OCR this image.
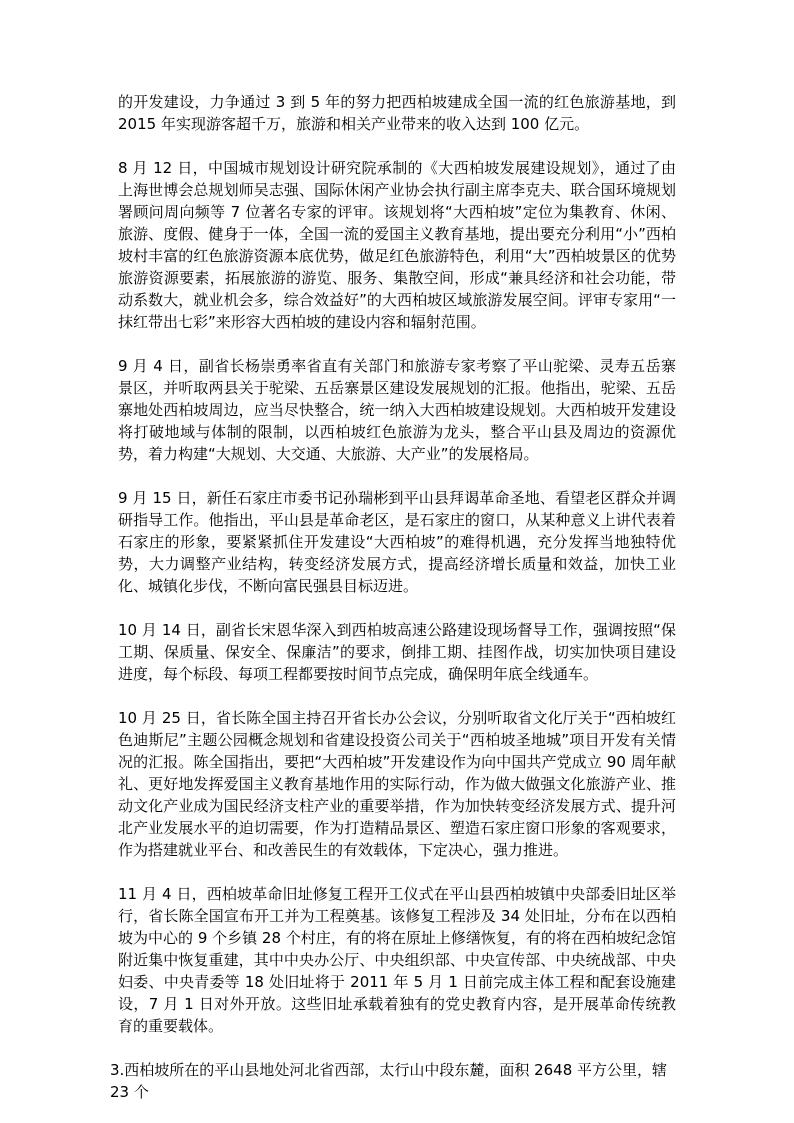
的开发建设，力争通过 3 到 5 年的努力把西柏坡建成全国一流的红色旅游基地，到 2015 年实现游客超千万，旅游和相关产业带来的收入达到 100 亿元。

8 月 12 日，中国城市规划设计研究院承制的《大西柏坡发展建设规划》，通过了由上海世博会总规划师吴志强、国际休闲产业协会执行副主席李克夫、联合国环境规划署顾问周向频等 7 位著名专家的评审。该规划将“大西柏坡”定位为集教育、休闲、旅游、度假、健身于一体，全国一流的爱国主义教育基地，提出要充分利用“小”西柏坡村丰富的红色旅游资源本底优势，做足红色旅游特色，利用“大”西柏坡景区的优势旅游资源要素，拓展旅游的游览、服务、集散空间，形成“兼具经济和社会功能，带动系数大，就业机会多，综合效益好”的大西柏坡区域旅游发展空间。评审专家用“一抹红带出七彩”来形容大西柏坡的建设内容和辐射范围。

9 月 4 日，副省长杨崇勇率省直有关部门和旅游专家考察了平山驼梁、灵寿五岳寨景区，并听取两县关于驼梁、五岳寨景区建设发展规划的汇报。他指出，驼梁、五岳寨地处西柏坡周边，应当尽快整合，统一纳入大西柏坡建设规划。大西柏坡开发建设将打破地域与体制的限制，以西柏坡红色旅游为龙头，整合平山县及周边的资源优势，着力构建“大规划、大交通、大旅游、大产业”的发展格局。

9 月 15 日，新任石家庄市委书记孙瑞彬到平山县拜谒革命圣地、看望老区群众并调研指导工作。他指出，平山县是革命老区，是石家庄的窗口，从某种意义上讲代表着石家庄的形象，要紧紧抓住开发建设“大西柏坡”的难得机遇，充分发挥当地独特优势，大力调整产业结构，转变经济发展方式，提高经济增长质量和效益，加快工业化、城镇化步伐，不断向富民强县目标迈进。

10 月 14 日，副省长宋恩华深入到西柏坡高速公路建设现场督导工作，强调按照“保工期、保质量、保安全、保廉洁”的要求，倒排工期、挂图作战，切实加快项目建设进度，每个标段、每项工程都要按时间节点完成，确保明年底全线通车。

10 月 25 日，省长陈全国主持召开省长办公会议，分别听取省文化厅关于“西柏坡红色迪斯尼”主题公园概念规划和省建设投资公司关于“西柏坡圣地城”项目开发有关情况的汇报。陈全国指出，要把“大西柏坡”开发建设作为向中国共产党成立 90 周年献礼、更好地发挥爱国主义教育基地作用的实际行动，作为做大做强文化旅游产业、推动文化产业成为国民经济支柱产业的重要举措，作为加快转变经济发展方式、提升河北产业发展水平的迫切需要，作为打造精品景区、塑造石家庄窗口形象的客观要求，作为搭建就业平台、和改善民生的有效载体，下定决心，强力推进。

11 月 4 日，西柏坡革命旧址修复工程开工仪式在平山县西柏坡镇中央部委旧址区举行，省长陈全国宣布开工并为工程奠基。该修复工程涉及 34 处旧址，分布在以西柏坡为中心的 9 个乡镇 28 个村庄，有的将在原址上修缮恢复，有的将在西柏坡纪念馆附近集中恢复重建，其中中央办公厅、中央组织部、中央宣传部、中央统战部、中央妇委、中央青委等 18 处旧址将于 2011 年 5 月 1 日前完成主体工程和配套设施建设，7 月 1 日对外开放。这些旧址承载着独有的党史教育内容，是开展革命传统教育的重要载体。

3.西柏坡所在的平山县地处河北省西部，太行山中段东麓，面积 2648 平方公里，辖 23 个
